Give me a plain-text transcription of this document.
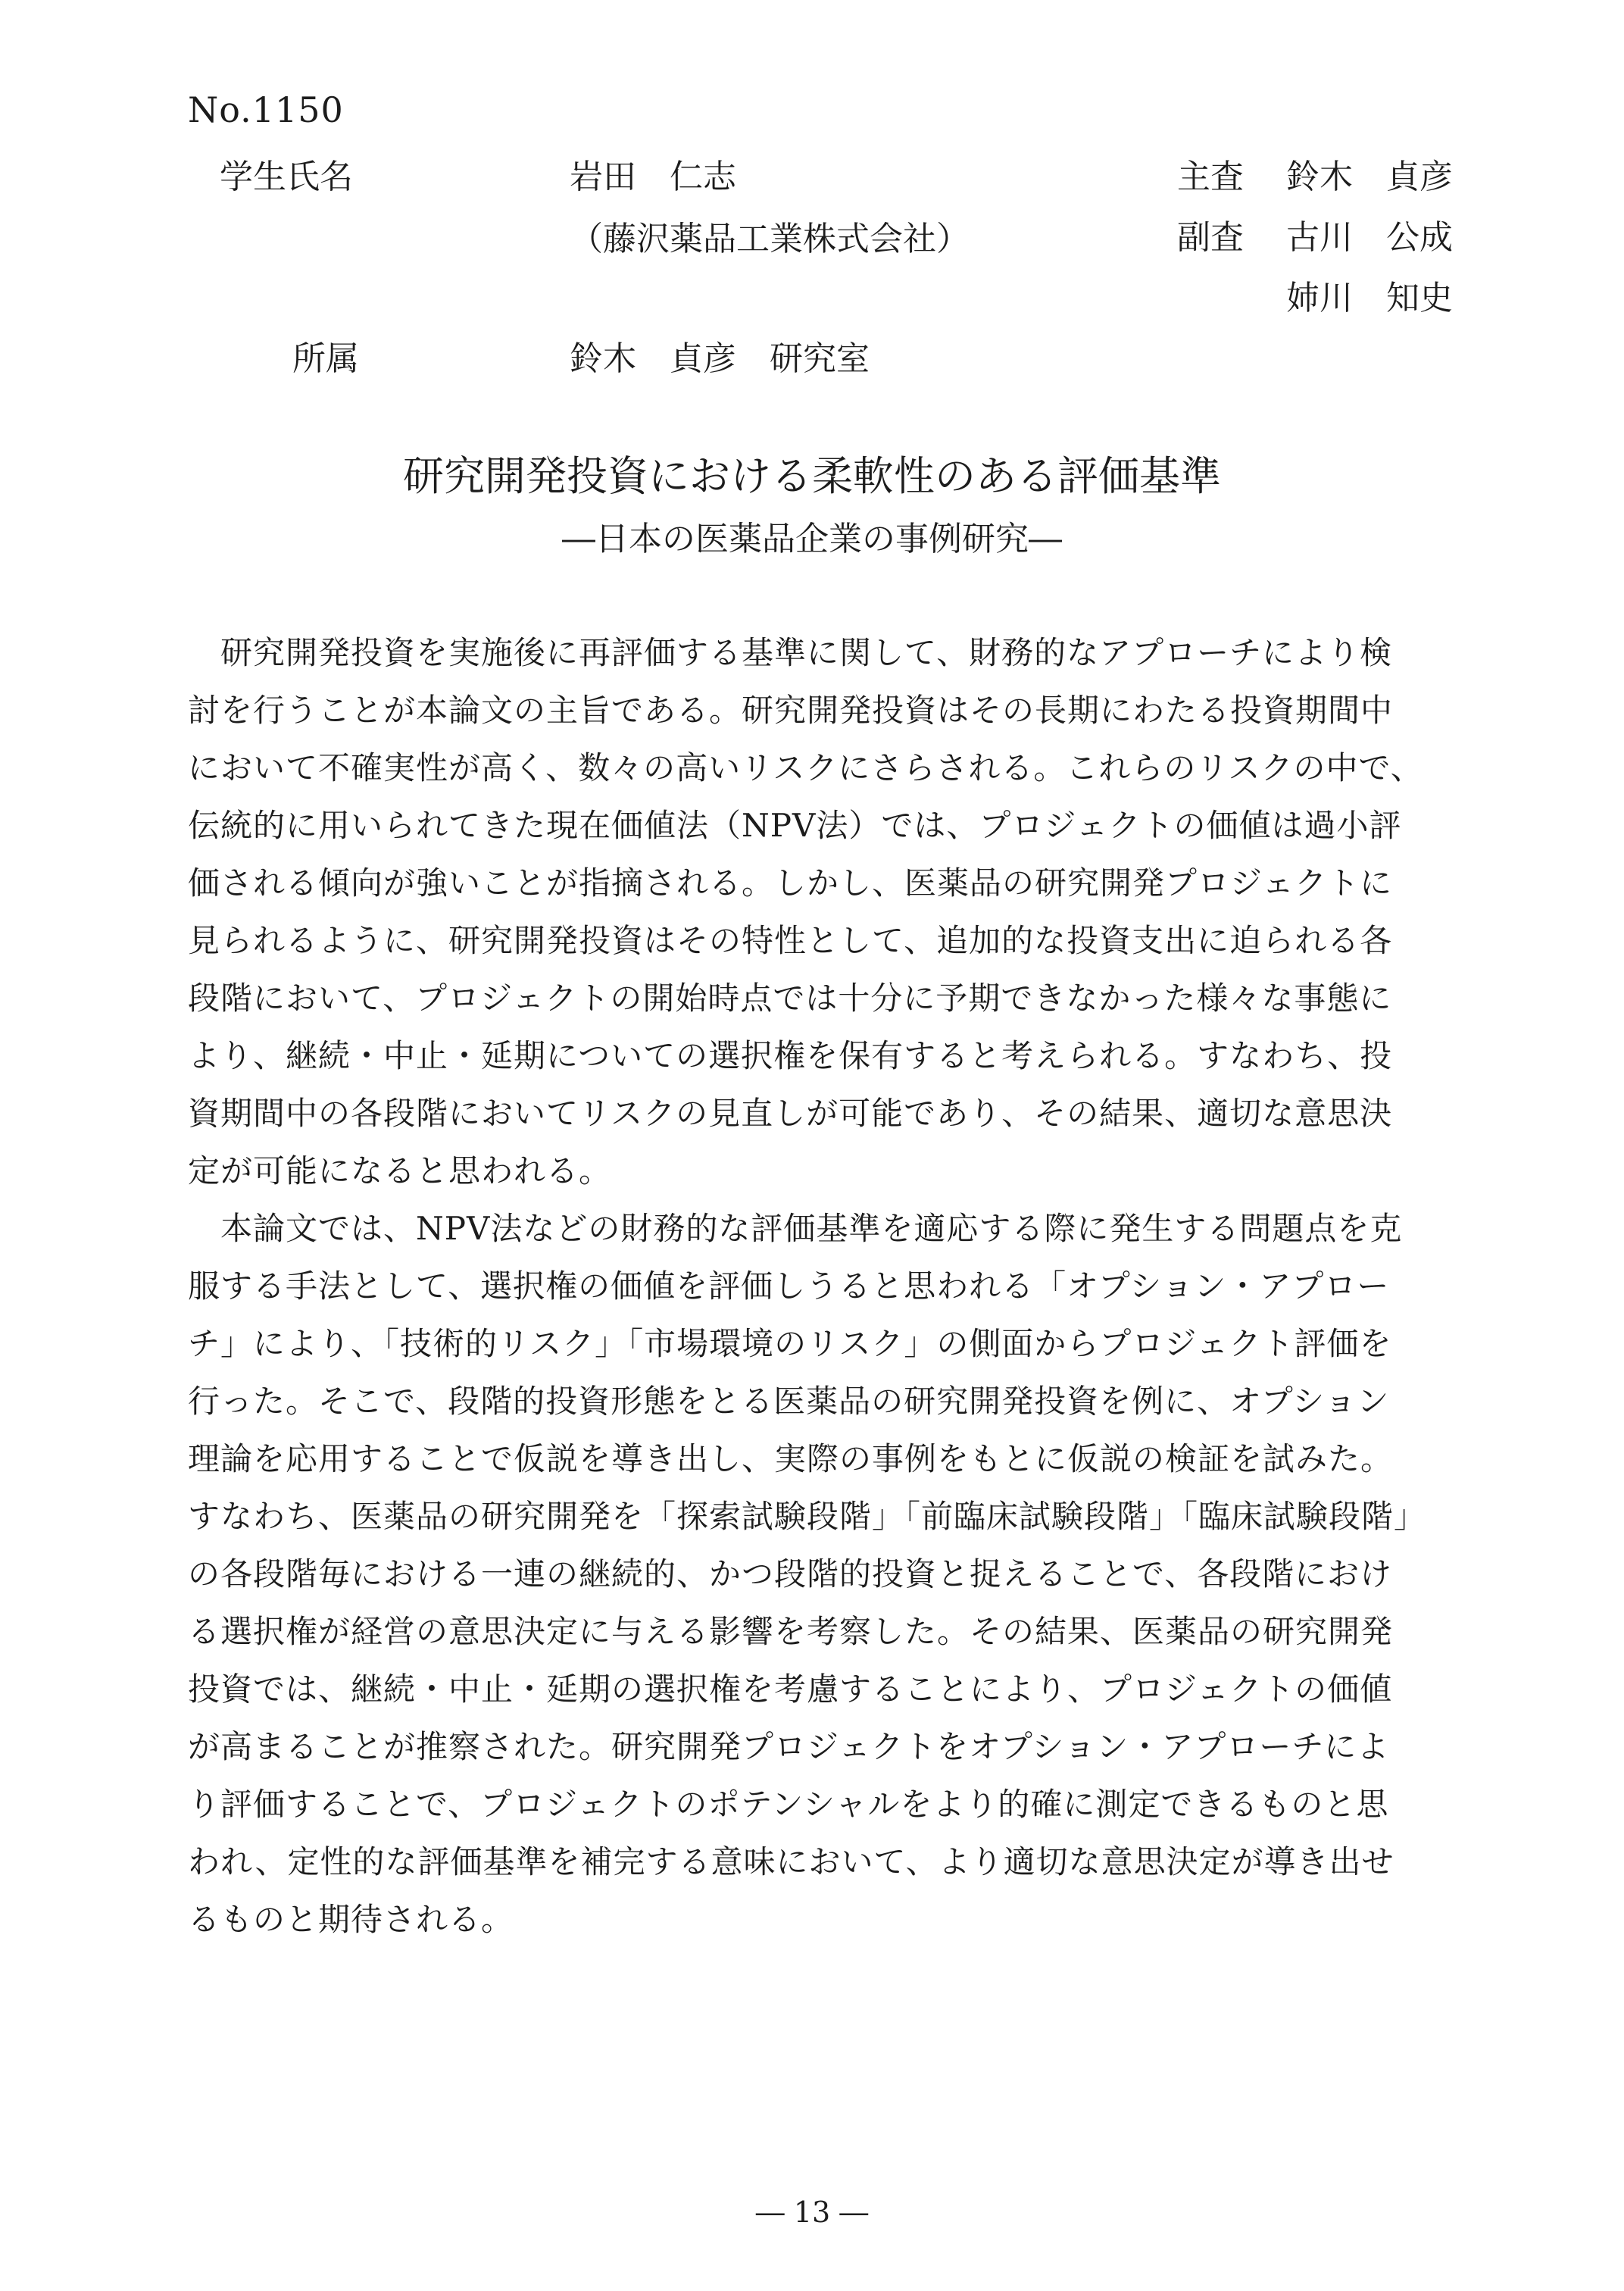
No.1150
学生氏名	岩田　仁志
（藤沢薬品工業株式会社）
所属	鈴木　貞彦　研究室
主査	鈴木　貞彦
副査	古川　公成
姉川　知史
研究開発投資における柔軟性のある評価基準
―日本の医薬品企業の事例研究―
　研究開発投資を実施後に再評価する基準に関して、財務的なアプローチにより検
討を行うことが本論文の主旨である。研究開発投資はその長期にわたる投資期間中
において不確実性が高く、数々の高いリスクにさらされる。これらのリスクの中で、
伝統的に用いられてきた現在価値法（NPV法）では、プロジェクトの価値は過小評
価される傾向が強いことが指摘される。しかし、医薬品の研究開発プロジェクトに
見られるように、研究開発投資はその特性として、追加的な投資支出に迫られる各
段階において、プロジェクトの開始時点では十分に予期できなかった様々な事態に
より、継続・中止・延期についての選択権を保有すると考えられる。すなわち、投
資期間中の各段階においてリスクの見直しが可能であり、その結果、適切な意思決
定が可能になると思われる。
　本論文では、NPV法などの財務的な評価基準を適応する際に発生する問題点を克
服する手法として、選択権の価値を評価しうると思われる「オプション・アプロー
チ」により、「技術的リスク」「市場環境のリスク」の側面からプロジェクト評価を
行った。そこで、段階的投資形態をとる医薬品の研究開発投資を例に、オプション
理論を応用することで仮説を導き出し、実際の事例をもとに仮説の検証を試みた。
すなわち、医薬品の研究開発を「探索試験段階」「前臨床試験段階」「臨床試験段階」
の各段階毎における一連の継続的、かつ段階的投資と捉えることで、各段階におけ
る選択権が経営の意思決定に与える影響を考察した。その結果、医薬品の研究開発
投資では、継続・中止・延期の選択権を考慮することにより、プロジェクトの価値
が高まることが推察された。研究開発プロジェクトをオプション・アプローチによ
り評価することで、プロジェクトのポテンシャルをより的確に測定できるものと思
われ、定性的な評価基準を補完する意味において、より適切な意思決定が導き出せ
るものと期待される。
― 13 ―
